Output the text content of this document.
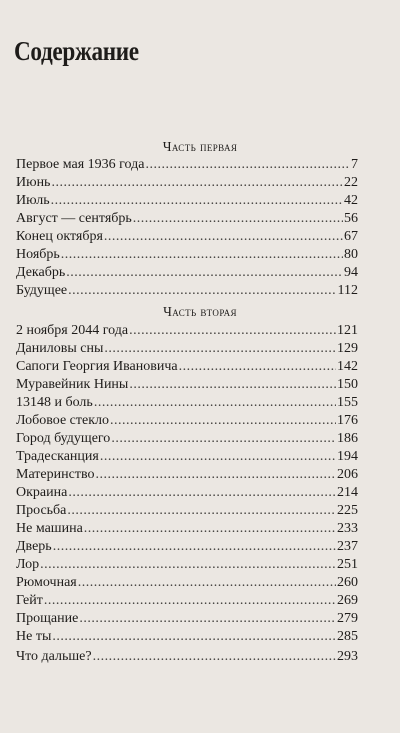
Содержание
Часть первая
Первое мая 1936 года .....	7
Июнь .....	22
Июль .....	42
Август — сентябрь .....	56
Конец октября .....	67
Ноябрь .....	80
Декабрь .....	94
Будущее .....	112
Часть вторая
2 ноября 2044 года .....	121
Даниловы сны .....	129
Сапоги Георгия Ивановича .....	142
Муравейник Нины .....	150
13148 и боль .....	155
Лобовое стекло .....	176
Город будущего .....	186
Традесканция .....	194
Материнство .....	206
Окраина .....	214
Просьба .....	225
Не машина .....	233
Дверь .....	237
Лор .....	251
Рюмочная .....	260
Гейт .....	269
Прощание .....	279
Не ты .....	285
Что дальше? .....	293
